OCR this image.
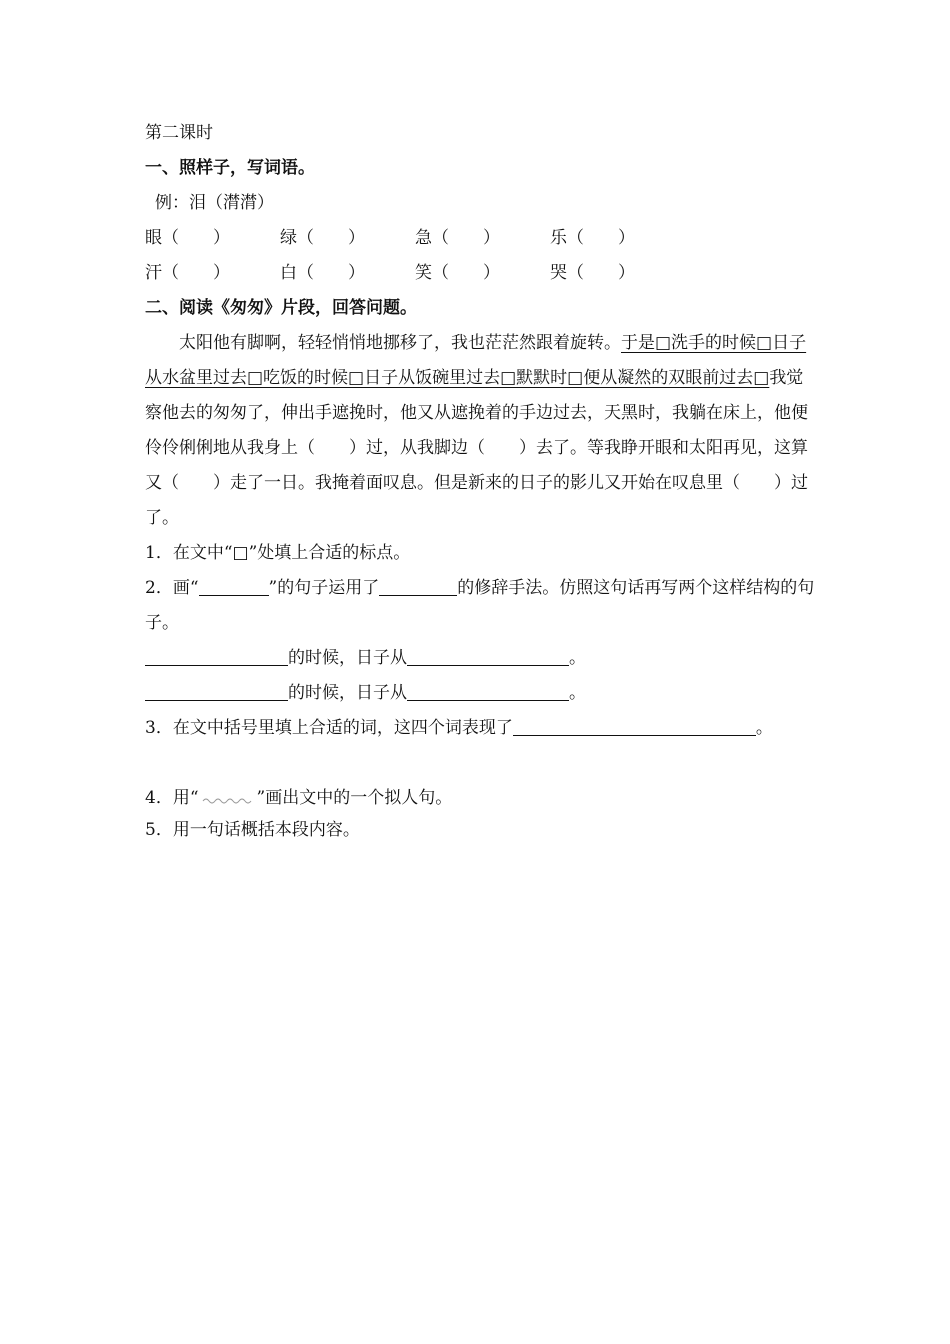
第二课时
一、照样子，写词语。
例：泪（潸潸）
眼（　　）	绿（　　）	急（　　）	乐（　　）
汗（　　）	白（　　）	笑（　　）	哭（　　）
二、阅读《匆匆》片段，回答问题。
太阳他有脚啊，轻轻悄悄地挪移了，我也茫茫然跟着旋转。于是□洗手的时候□日子从水盆里过去□吃饭的时候□日子从饭碗里过去□默默时□便从凝然的双眼前过去□我觉察他去的匆匆了，伸出手遮挽时，他又从遮挽着的手边过去，天黑时，我躺在床上，他便伶伶俐俐地从我身上（　　）过，从我脚边（　　）去了。等我睁开眼和太阳再见，这算又（　　）走了一日。我掩着面叹息。但是新来的日子的影儿又开始在叹息里（　　）过了。
1．在文中“□”处填上合适的标点。
2．画“	”的句子运用了	的修辞手法。仿照这句话再写两个这样结构的句子。
的时候，日子从	。
的时候，日子从	。
3．在文中括号里填上合适的词，这四个词表现了	。
4．用“	”画出文中的一个拟人句。
5．用一句话概括本段内容。
